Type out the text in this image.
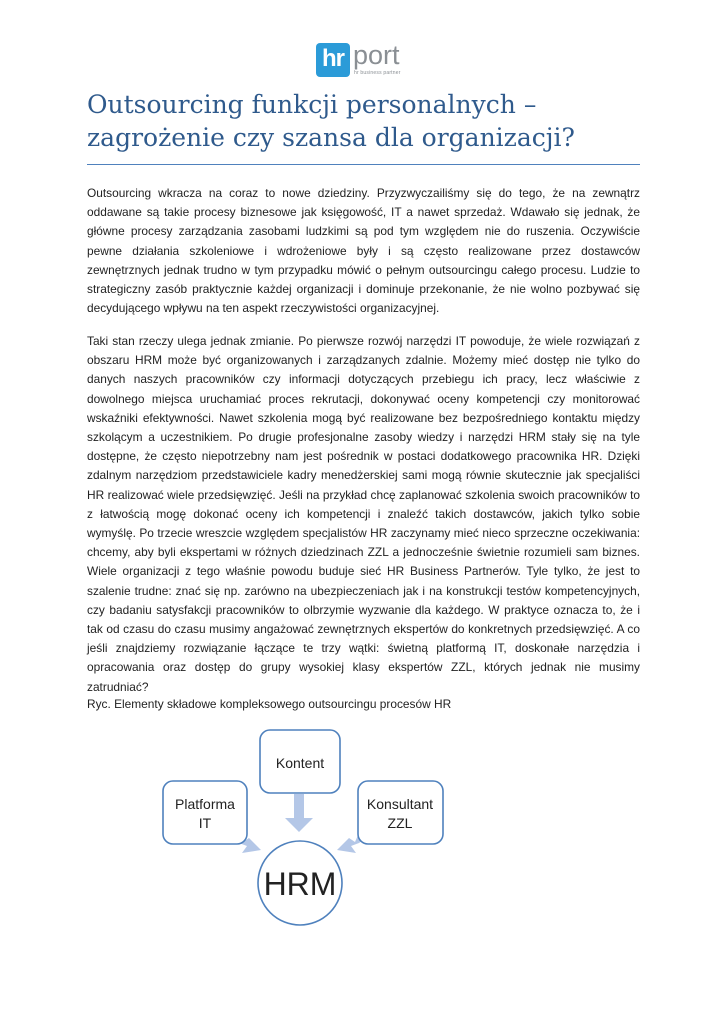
hr port
hr business partner
Outsourcing funkcji personalnych –
zagrożenie czy szansa dla organizacji?

Outsourcing wkracza na coraz to nowe dziedziny. Przyzwyczailiśmy się do tego, że na zewnątrz oddawane są takie procesy biznesowe jak księgowość, IT a nawet sprzedaż. Wdawało się jednak, że główne procesy zarządzania zasobami ludzkimi są pod tym względem nie do ruszenia. Oczywiście pewne działania szkoleniowe i wdrożeniowe były i są często realizowane przez dostawców zewnętrznych jednak trudno w tym przypadku mówić o pełnym outsourcingu całego procesu. Ludzie to strategiczny zasób praktycznie każdej organizacji i dominuje przekonanie, że nie wolno pozbywać się decydującego wpływu na ten aspekt rzeczywistości organizacyjnej.

Taki stan rzeczy ulega jednak zmianie. Po pierwsze rozwój narzędzi IT powoduje, że wiele rozwiązań z obszaru HRM może być organizowanych i zarządzanych zdalnie. Możemy mieć dostęp nie tylko do danych naszych pracowników czy informacji dotyczących przebiegu ich pracy, lecz właściwie z dowolnego miejsca uruchamiać proces rekrutacji, dokonywać oceny kompetencji czy monitorować wskaźniki efektywności. Nawet szkolenia mogą być realizowane bez bezpośredniego kontaktu między szkolącym a uczestnikiem. Po drugie profesjonalne zasoby wiedzy i narzędzi HRM stały się na tyle dostępne, że często niepotrzebny nam jest pośrednik w postaci dodatkowego pracownika HR. Dzięki zdalnym narzędziom przedstawiciele kadry menedżerskiej sami mogą równie skutecznie jak specjaliści HR realizować wiele przedsięwzięć. Jeśli na przykład chcę zaplanować szkolenia swoich pracowników to z łatwością mogę dokonać oceny ich kompetencji i znaleźć takich dostawców, jakich tylko sobie wymyślę. Po trzecie wreszcie względem specjalistów HR zaczynamy mieć nieco sprzeczne oczekiwania: chcemy, aby byli ekspertami w różnych dziedzinach ZZL a jednocześnie świetnie rozumieli sam biznes. Wiele organizacji z tego właśnie powodu buduje sieć HR Business Partnerów. Tyle tylko, że jest to szalenie trudne: znać się np. zarówno na ubezpieczeniach jak i na konstrukcji testów kompetencyjnych, czy badaniu satysfakcji pracowników to olbrzymie wyzwanie dla każdego. W praktyce oznacza to, że i tak od czasu do czasu musimy angażować zewnętrznych ekspertów do konkretnych przedsięwzięć. A co jeśli znajdziemy rozwiązanie łączące te trzy wątki: świetną platformą IT, doskonałe narzędzia i opracowania oraz dostęp do grupy wysokiej klasy ekspertów ZZL, których jednak nie musimy zatrudniać?

Ryc. Elementy składowe kompleksowego outsourcingu procesów HR

Kontent
Platforma
IT
Konsultant
ZZL
HRM
